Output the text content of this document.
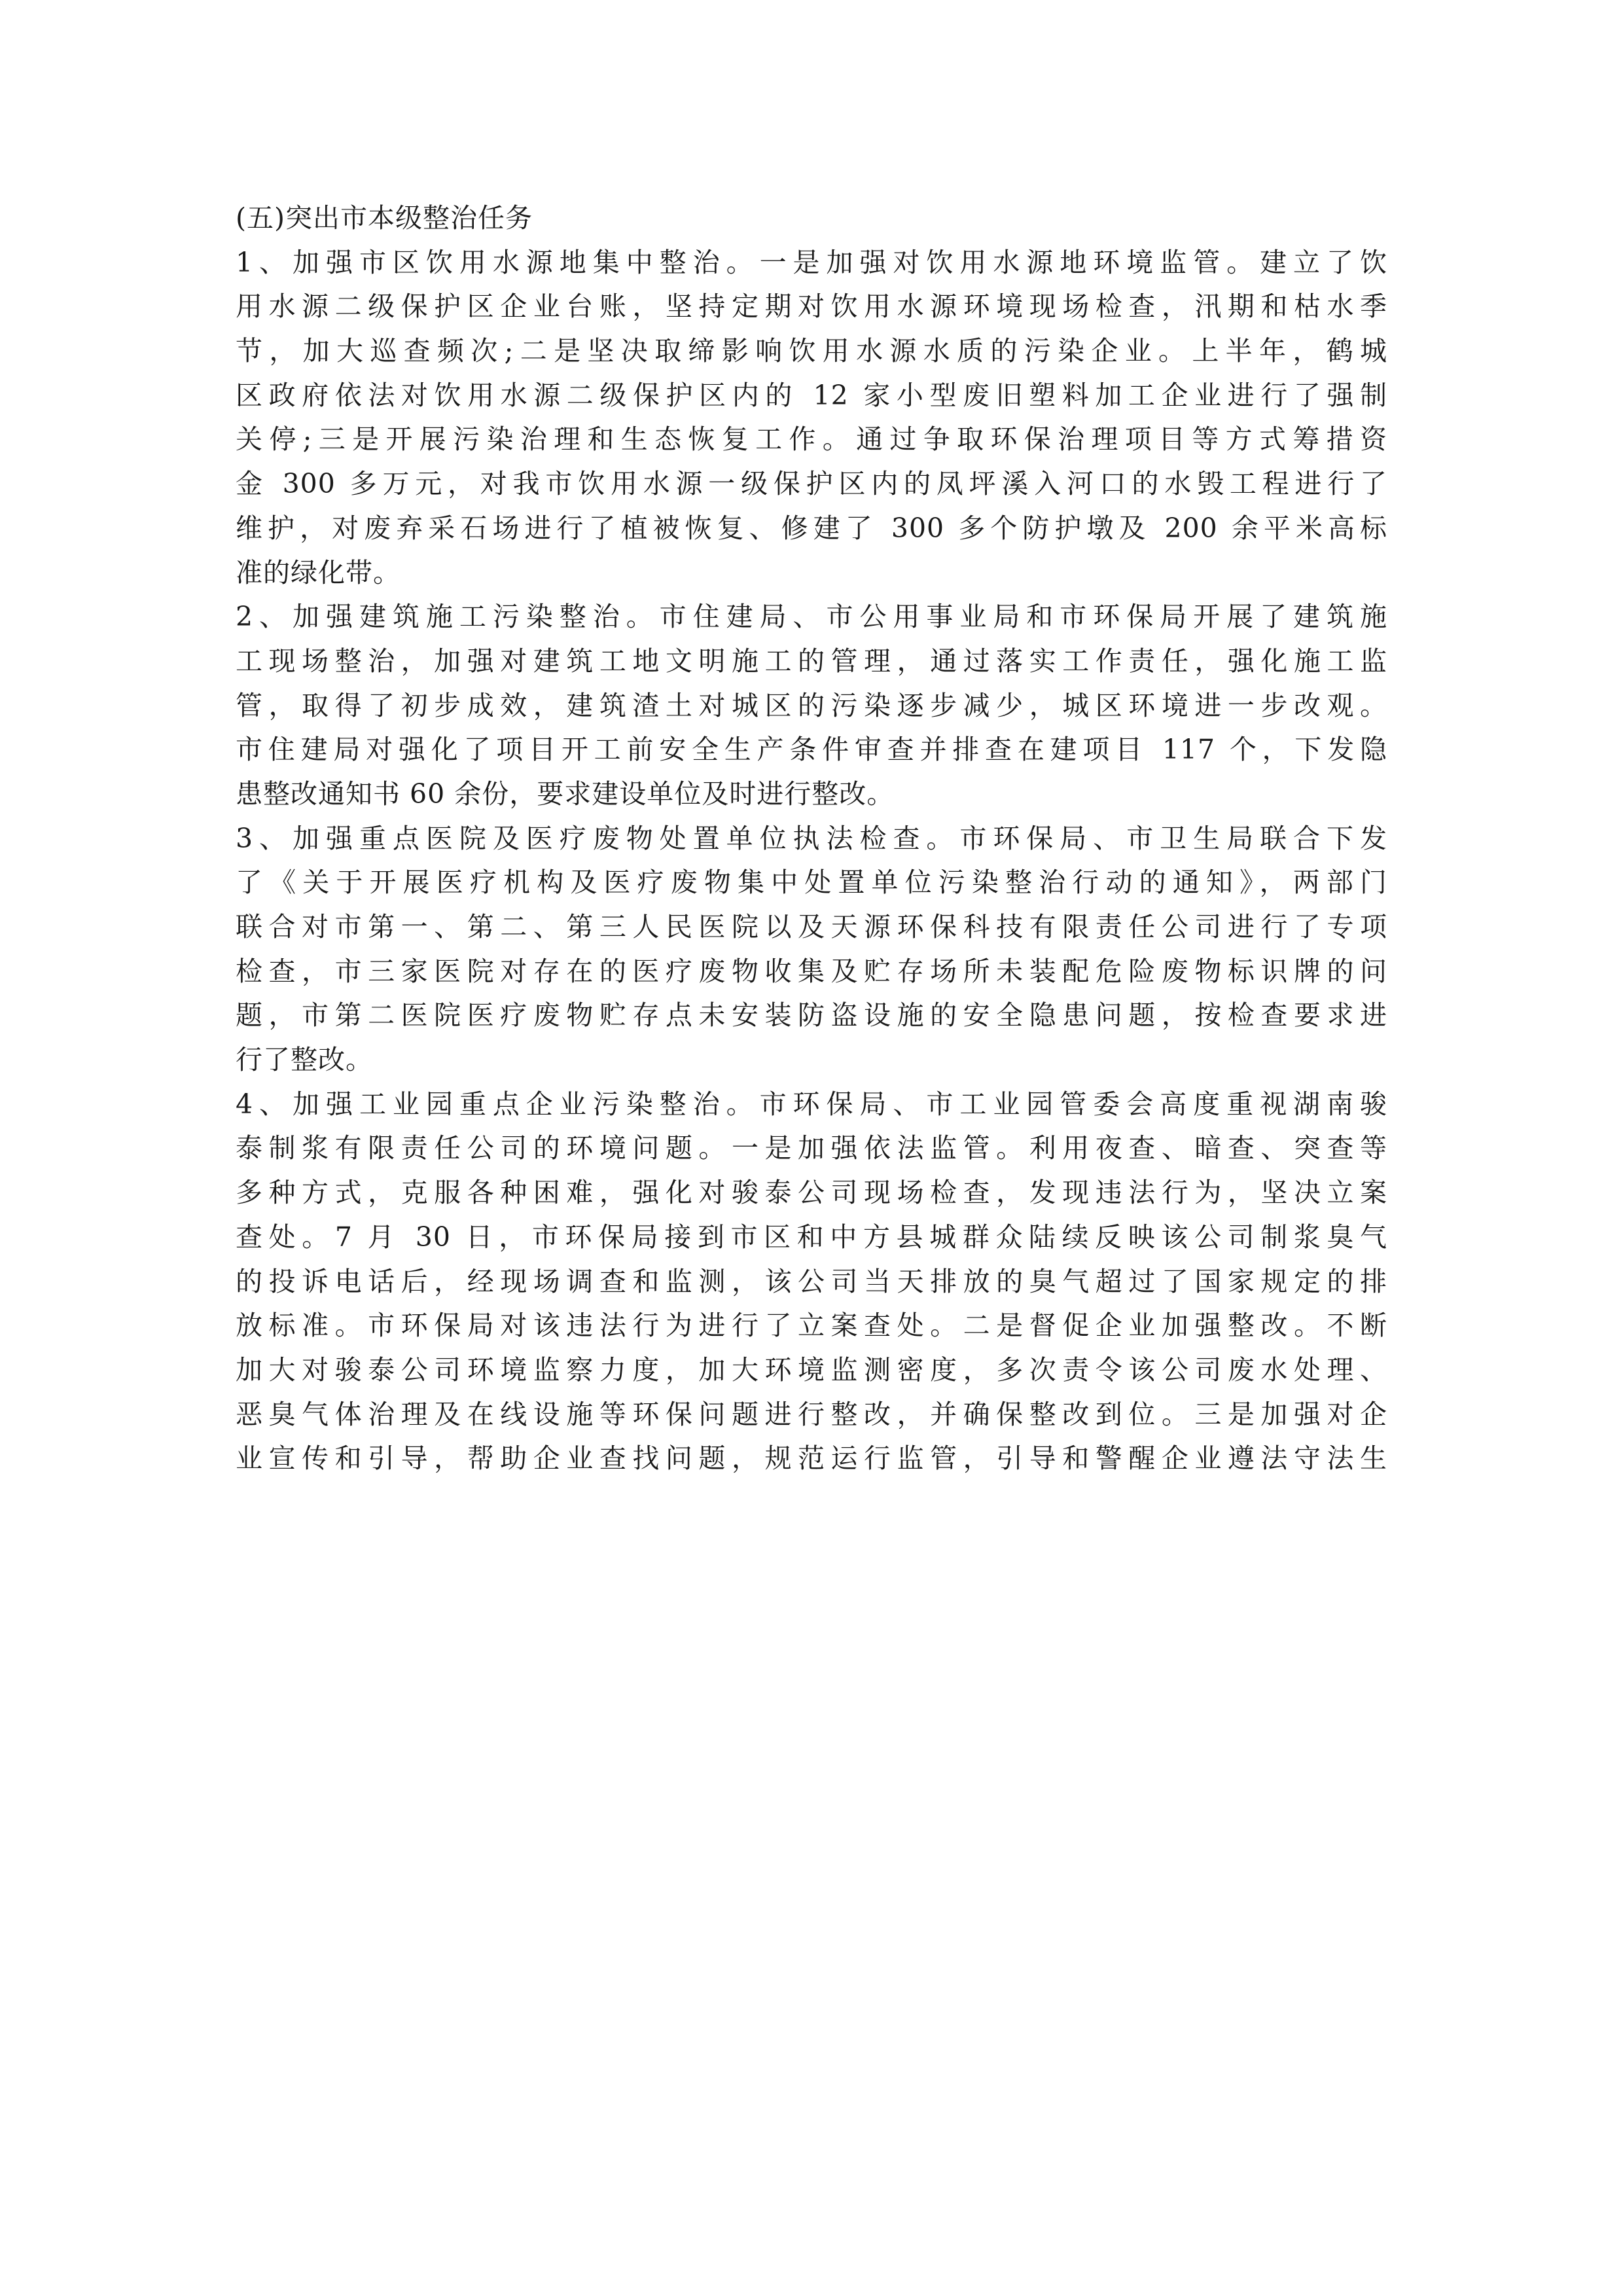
(五)突出市本级整治任务
1、加强市区饮用水源地集中整治。一是加强对饮用水源地环境监管。建立了饮
用水源二级保护区企业台账，坚持定期对饮用水源环境现场检查，汛期和枯水季
节，加大巡查频次;二是坚决取缔影响饮用水源水质的污染企业。上半年，鹤城
区政府依法对饮用水源二级保护区内的 12 家小型废旧塑料加工企业进行了强制
关停;三是开展污染治理和生态恢复工作。通过争取环保治理项目等方式筹措资
金 300 多万元，对我市饮用水源一级保护区内的凤坪溪入河口的水毁工程进行了
维护，对废弃采石场进行了植被恢复、修建了 300 多个防护墩及 200 余平米高标
准的绿化带。
2、加强建筑施工污染整治。市住建局、市公用事业局和市环保局开展了建筑施
工现场整治，加强对建筑工地文明施工的管理，通过落实工作责任，强化施工监
管，取得了初步成效，建筑渣土对城区的污染逐步减少，城区环境进一步改观。
市住建局对强化了项目开工前安全生产条件审查并排查在建项目 117 个，下发隐
患整改通知书 60 余份，要求建设单位及时进行整改。
3、加强重点医院及医疗废物处置单位执法检查。市环保局、市卫生局联合下发
了《关于开展医疗机构及医疗废物集中处置单位污染整治行动的通知》，两部门
联合对市第一、第二、第三人民医院以及天源环保科技有限责任公司进行了专项
检查，市三家医院对存在的医疗废物收集及贮存场所未装配危险废物标识牌的问
题，市第二医院医疗废物贮存点未安装防盗设施的安全隐患问题，按检查要求进
行了整改。
4、加强工业园重点企业污染整治。市环保局、市工业园管委会高度重视湖南骏
泰制浆有限责任公司的环境问题。一是加强依法监管。利用夜查、暗查、突查等
多种方式，克服各种困难，强化对骏泰公司现场检查，发现违法行为，坚决立案
查处。7 月 30 日，市环保局接到市区和中方县城群众陆续反映该公司制浆臭气
的投诉电话后，经现场调查和监测，该公司当天排放的臭气超过了国家规定的排
放标准。市环保局对该违法行为进行了立案查处。二是督促企业加强整改。不断
加大对骏泰公司环境监察力度，加大环境监测密度，多次责令该公司废水处理、
恶臭气体治理及在线设施等环保问题进行整改，并确保整改到位。三是加强对企
业宣传和引导，帮助企业查找问题，规范运行监管，引导和警醒企业遵法守法生
